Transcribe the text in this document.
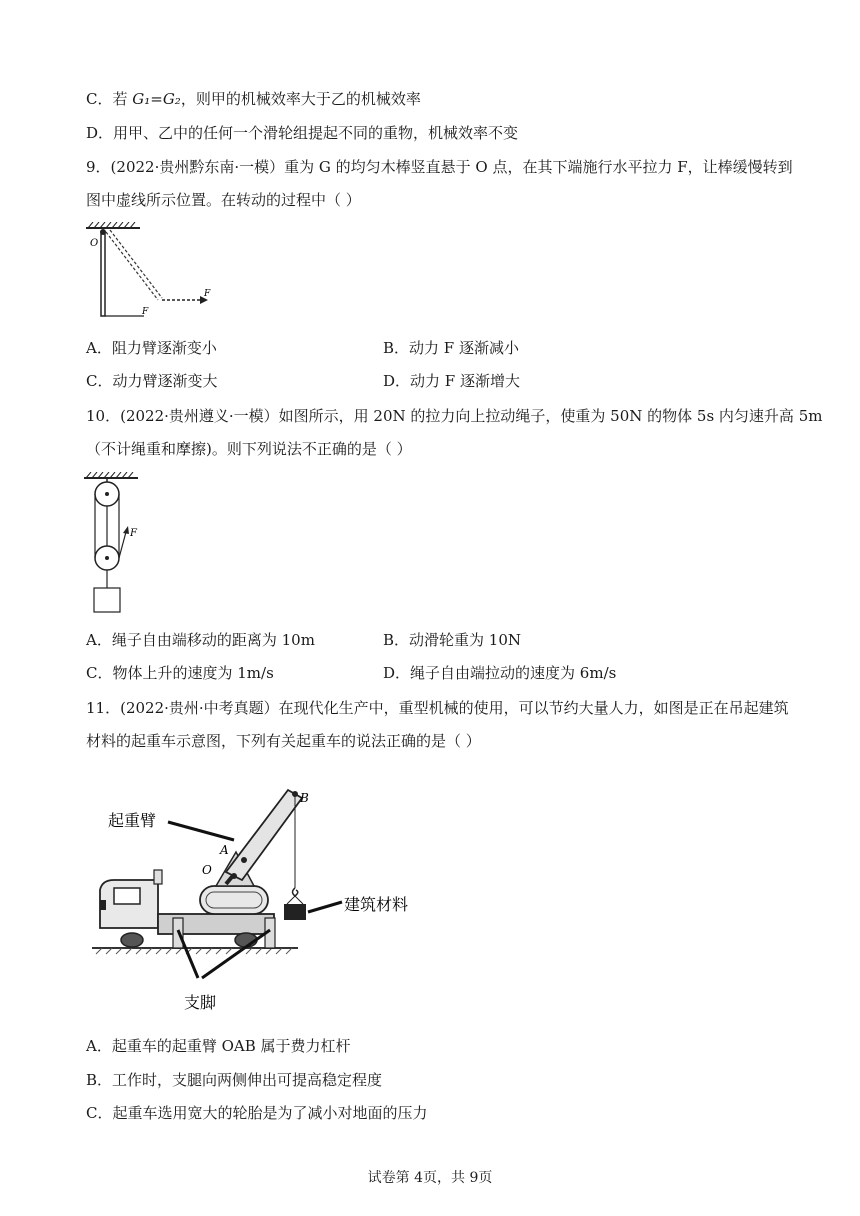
C．若 G₁=G₂，则甲的机械效率大于乙的机械效率
D．用甲、乙中的任何一个滑轮组提起不同的重物，机械效率不变
9．(2022·贵州黔东南·一模）重为 G 的均匀木棒竖直悬于 O 点，在其下端施行水平拉力 F，让棒缓慢转到
图中虚线所示位置。在转动的过程中（ ）
O
F
F
A．阻力臂逐渐变小	B．动力 F 逐渐减小
C．动力臂逐渐变大	D．动力 F 逐渐增大
10．(2022·贵州遵义·一模）如图所示，用 20N 的拉力向上拉动绳子，使重为 50N 的物体 5s 内匀速升高 5m
（不计绳重和摩擦)。则下列说法不正确的是（ ）
F
A．绳子自由端移动的距离为 10m	B．动滑轮重为 10N
C．物体上升的速度为 1m/s	D．绳子自由端拉动的速度为 6m/s
11．(2022·贵州·中考真题）在现代化生产中，重型机械的使用，可以节约大量人力，如图是正在吊起建筑
材料的起重车示意图，下列有关起重车的说法正确的是（ ）
起重臂
建筑材料
支脚
B
A
O
A．起重车的起重臂 OAB 属于费力杠杆
B．工作时，支腿向两侧伸出可提高稳定程度
C．起重车选用宽大的轮胎是为了减小对地面的压力
试卷第 4页，共 9页
